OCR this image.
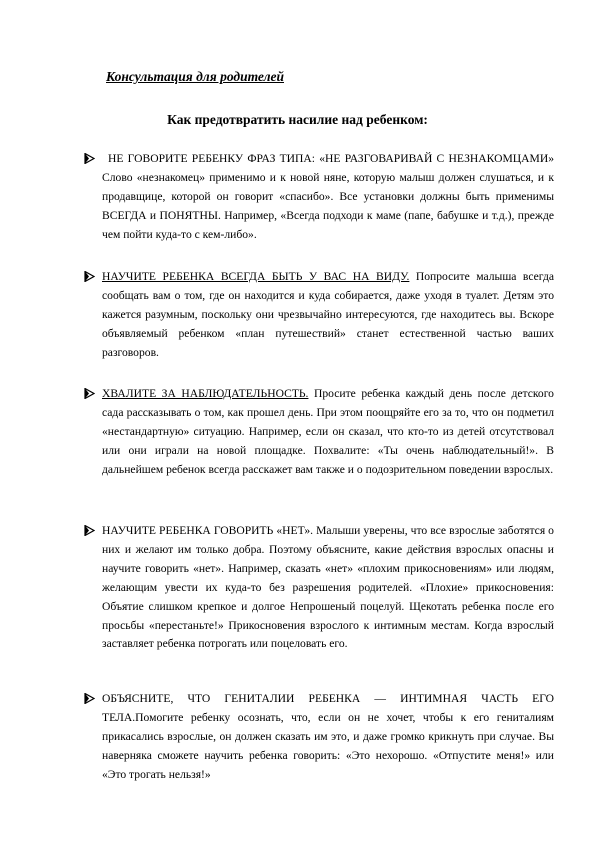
Консультация для родителей
Как предотвратить насилие над ребенком:
НЕ ГОВОРИТЕ РЕБЕНКУ ФРАЗ ТИПА: «НЕ РАЗГОВАРИВАЙ С НЕЗНАКОМЦАМИ» Слово «незнакомец» применимо и к новой няне, которую малыш должен слушаться, и к продавщице, которой он говорит «спасибо». Все установки должны быть применимы ВСЕГДА и ПОНЯТНЫ. Например, «Всегда подходи к маме (папе, бабушке и т.д.), прежде чем пойти куда-то с кем-либо».
НАУЧИТЕ РЕБЕНКА ВСЕГДА БЫТЬ У ВАС НА ВИДУ. Попросите малыша всегда сообщать вам о том, где он находится и куда собирается, даже уходя в туалет. Детям это кажется разумным, поскольку они чрезвычайно интересуются, где находитесь вы. Вскоре объявляемый ребенком «план путешествий» станет естественной частью ваших разговоров.
ХВАЛИТЕ ЗА НАБЛЮДАТЕЛЬНОСТЬ. Просите ребенка каждый день после детского сада рассказывать о том, как прошел день. При этом поощряйте его за то, что он подметил «нестандартную» ситуацию. Например, если он сказал, что кто-то из детей отсутствовал или они играли на новой площадке. Похвалите: «Ты очень наблюдательный!». В дальнейшем ребенок всегда расскажет вам также и о подозрительном поведении взрослых.
НАУЧИТЕ РЕБЕНКА ГОВОРИТЬ «НЕТ». Малыши уверены, что все взрослые заботятся о них и желают им только добра. Поэтому объясните, какие действия взрослых опасны и научите говорить «нет». Например, сказать «нет» «плохим прикосновениям» или людям, желающим увести их куда-то без разрешения родителей. «Плохие» прикосновения: Объятие слишком крепкое и долгое Непрошеный поцелуй. Щекотать ребенка после его просьбы «перестаньте!» Прикосновения взрослого к интимным местам. Когда взрослый заставляет ребенка потрогать или поцеловать его.
ОБЪЯСНИТЕ, ЧТО ГЕНИТАЛИИ РЕБЕНКА — ИНТИМНАЯ ЧАСТЬ ЕГО ТЕЛА.Помогите ребенку осознать, что, если он не хочет, чтобы к его гениталиям прикасались взрослые, он должен сказать им это, и даже громко крикнуть при случае. Вы наверняка сможете научить ребенка говорить: «Это нехорошо. «Отпустите меня!» или «Это трогать нельзя!»
